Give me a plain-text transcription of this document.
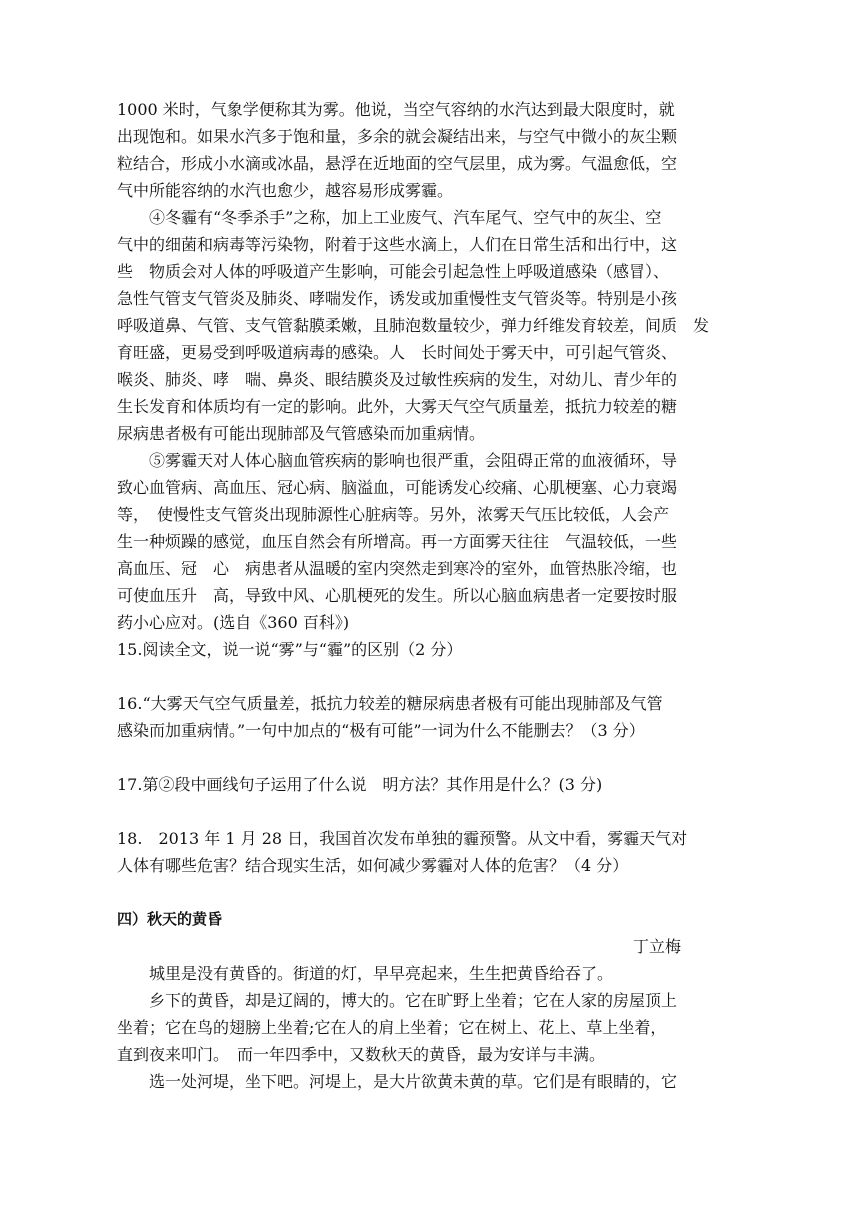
1000 米时，气象学便称其为雾。他说，当空气容纳的水汽达到最大限度时，就
出现饱和。如果水汽多于饱和量，多余的就会凝结出来，与空气中微小的灰尘颗
粒结合，形成小水滴或冰晶，悬浮在近地面的空气层里，成为雾。气温愈低，空
气中所能容纳的水汽也愈少，越容易形成雾霾。
④冬霾有“冬季杀手”之称，加上工业废气、汽车尾气、空气中的灰尘、空
气中的细菌和病毒等污染物，附着于这些水滴上，人们在日常生活和出行中，这
些　物质会对人体的呼吸道产生影响，可能会引起急性上呼吸道感染（感冒）、
急性气管支气管炎及肺炎、哮喘发作，诱发或加重慢性支气管炎等。特别是小孩
呼吸道鼻、气管、支气管黏膜柔嫩，且肺泡数量较少，弹力纤维发育较差，间质　发
育旺盛，更易受到呼吸道病毒的感染。人　长时间处于雾天中，可引起气管炎、
喉炎、肺炎、哮　喘、鼻炎、眼结膜炎及过敏性疾病的发生，对幼儿、青少年的
生长发育和体质均有一定的影响。此外，大雾天气空气质量差，抵抗力较差的糖
尿病患者极有可能出现肺部及气管感染而加重病情。
⑤雾霾天对人体心脑血管疾病的影响也很严重，会阻碍正常的血液循环，导
致心血管病、高血压、冠心病、脑溢血，可能诱发心绞痛、心肌梗塞、心力衰竭
等，　使慢性支气管炎出现肺源性心脏病等。另外，浓雾天气压比较低，人会产
生一种烦躁的感觉，血压自然会有所增高。再一方面雾天往往　气温较低，一些
高血压、冠　心　病患者从温暖的室内突然走到寒冷的室外，血管热胀冷缩，也
可使血压升　高，导致中风、心肌梗死的发生。所以心脑血病患者一定要按时服
药小心应对。(选自《360 百科》)
15.阅读全文，说一说“雾”与“霾”的区别（2 分）
16.“大雾天气空气质量差，抵抗力较差的糖尿病患者极有可能出现肺部及气管
感染而加重病情。”一句中加点的“极有可能”一词为什么不能删去？（3 分）
17.第②段中画线句子运用了什么说　明方法？其作用是什么？(3 分)
18.　2013 年 1 月 28 日，我国首次发布单独的霾预警。从文中看，雾霾天气对
人体有哪些危害？结合现实生活，如何减少雾霾对人体的危害？（4 分）
四）秋天的黄昏
丁立梅
城里是没有黄昏的。街道的灯，早早亮起来，生生把黄昏给吞了。
乡下的黄昏，却是辽阔的，博大的。它在旷野上坐着；它在人家的房屋顶上
坐着；它在鸟的翅膀上坐着;它在人的肩上坐着；它在树上、花上、草上坐着，
直到夜来叩门。　而一年四季中，又数秋天的黄昏，最为安详与丰满。
选一处河堤，坐下吧。河堤上，是大片欲黄未黄的草。它们是有眼睛的，它
